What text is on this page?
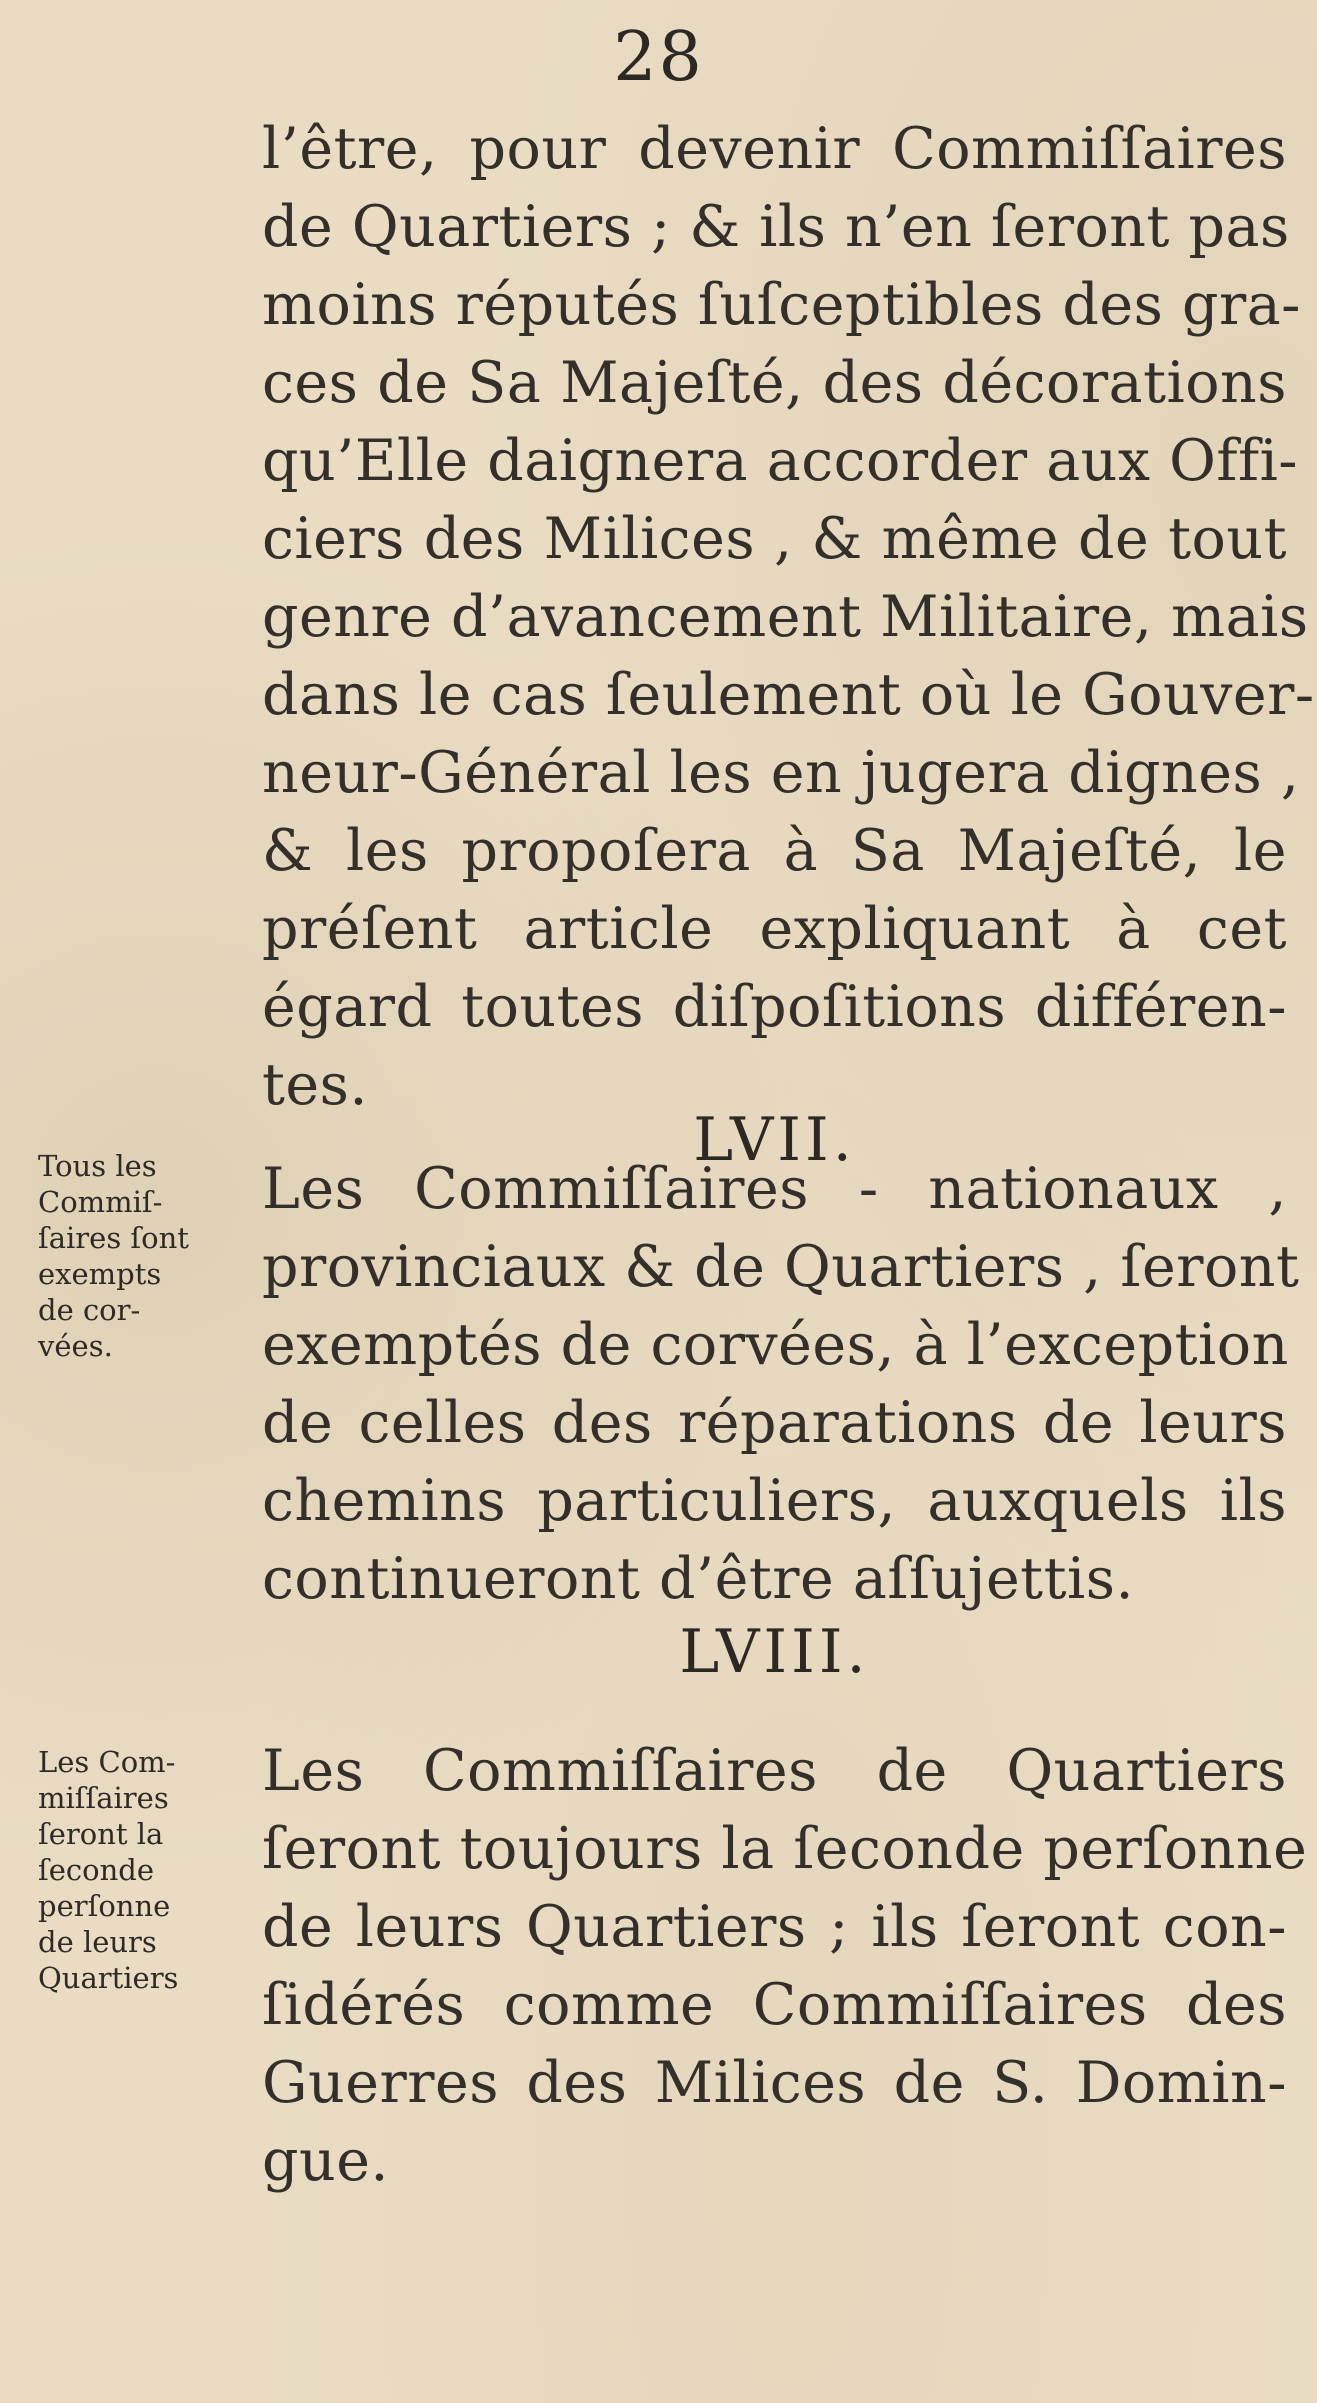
28
l’être, pour devenir Commiſſaires
de Quartiers ; & ils n’en ſeront pas
moins réputés ſuſceptibles des gra-
ces de Sa Majeſté, des décorations
qu’Elle daignera accorder aux Offi-
ciers des Milices , & même de tout
genre d’avancement Militaire, mais
dans le cas ſeulement où le Gouver-
neur-Général les en jugera dignes ,
& les propoſera à Sa Majeſté, le
préſent article expliquant à cet
égard toutes diſpoſitions différen-
tes.
LVII.
Tous les
Commiſ-
ſaires ſont
exempts
de cor-
vées.
Les Commiſſaires - nationaux ,
provinciaux & de Quartiers , ſeront
exemptés de corvées, à l’exception
de celles des réparations de leurs
chemins particuliers, auxquels ils
continueront d’être aſſujettis.
LVIII.
Les Com-
miſſaires
ſeront la
ſeconde
perſonne
de leurs
Quartiers
Les Commiſſaires de Quartiers
ſeront toujours la ſeconde perſonne
de leurs Quartiers ; ils ſeront con-
ſidérés comme Commiſſaires des
Guerres des Milices de S. Domin-
gue.
